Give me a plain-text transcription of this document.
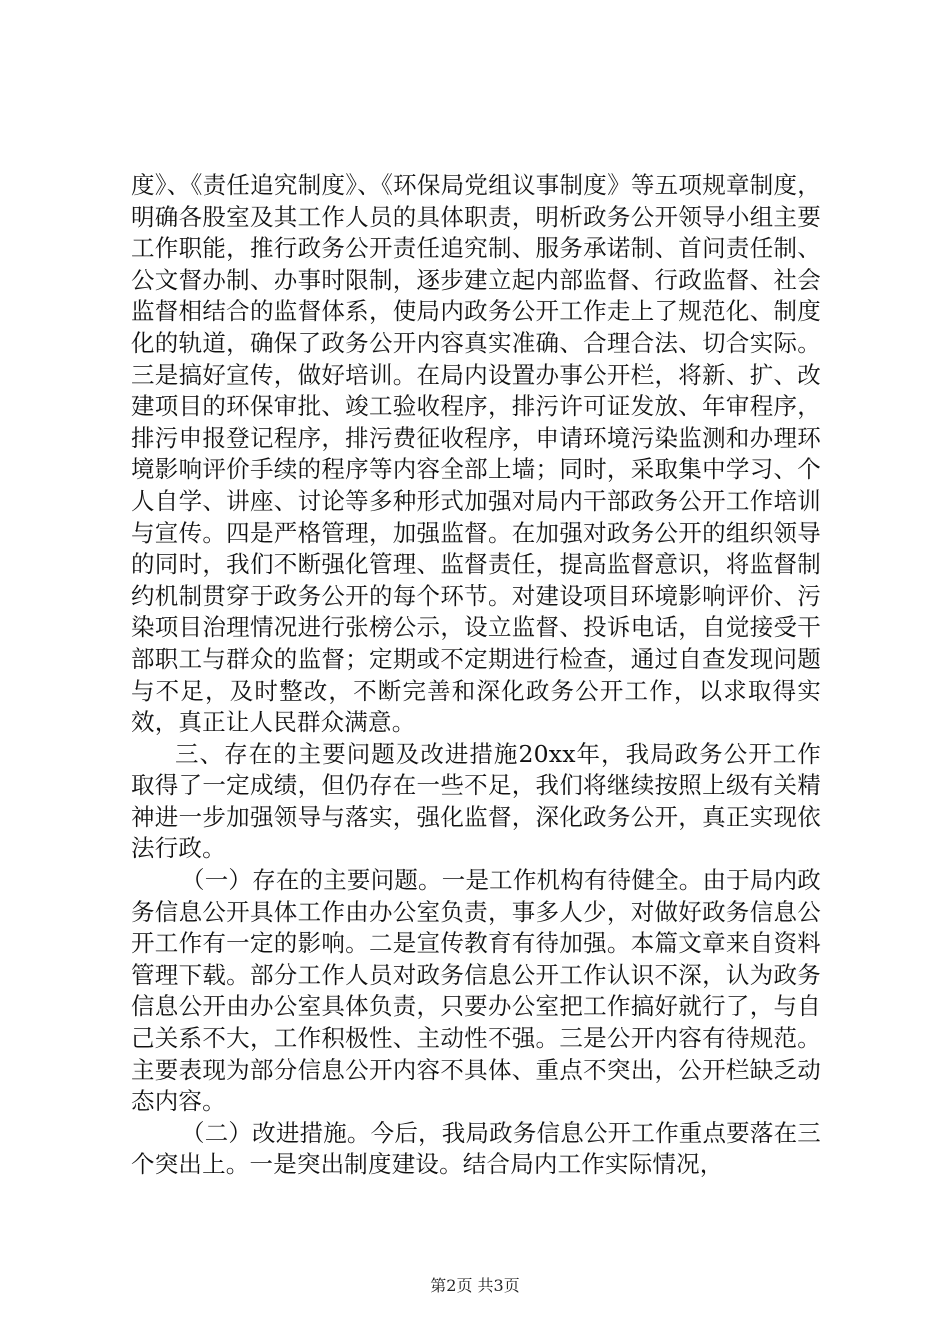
度》、《责任追究制度》、《环保局党组议事制度》等五项规章制度，明确各股室及其工作人员的具体职责，明析政务公开领导小组主要工作职能，推行政务公开责任追究制、服务承诺制、首问责任制、公文督办制、办事时限制，逐步建立起内部监督、行政监督、社会监督相结合的监督体系，使局内政务公开工作走上了规范化、制度化的轨道，确保了政务公开内容真实准确、合理合法、切合实际。三是搞好宣传，做好培训。在局内设置办事公开栏，将新、扩、改建项目的环保审批、竣工验收程序，排污许可证发放、年审程序，排污申报登记程序，排污费征收程序，申请环境污染监测和办理环境影响评价手续的程序等内容全部上墙；同时，采取集中学习、个人自学、讲座、讨论等多种形式加强对局内干部政务公开工作培训与宣传。四是严格管理，加强监督。在加强对政务公开的组织领导的同时，我们不断强化管理、监督责任，提高监督意识，将监督制约机制贯穿于政务公开的每个环节。对建设项目环境影响评价、污染项目治理情况进行张榜公示，设立监督、投诉电话，自觉接受干部职工与群众的监督；定期或不定期进行检查，通过自查发现问题与不足，及时整改，不断完善和深化政务公开工作，以求取得实效，真正让人民群众满意。

三、存在的主要问题及改进措施20xx年，我局政务公开工作取得了一定成绩，但仍存在一些不足，我们将继续按照上级有关精神进一步加强领导与落实，强化监督，深化政务公开，真正实现依法行政。

（一）存在的主要问题。一是工作机构有待健全。由于局内政务信息公开具体工作由办公室负责，事多人少，对做好政务信息公开工作有一定的影响。二是宣传教育有待加强。本篇文章来自资料管理下载。部分工作人员对政务信息公开工作认识不深，认为政务信息公开由办公室具体负责，只要办公室把工作搞好就行了，与自己关系不大，工作积极性、主动性不强。三是公开内容有待规范。主要表现为部分信息公开内容不具体、重点不突出，公开栏缺乏动态内容。

（二）改进措施。今后，我局政务信息公开工作重点要落在三个突出上。一是突出制度建设。结合局内工作实际情况，

第2页 共3页
